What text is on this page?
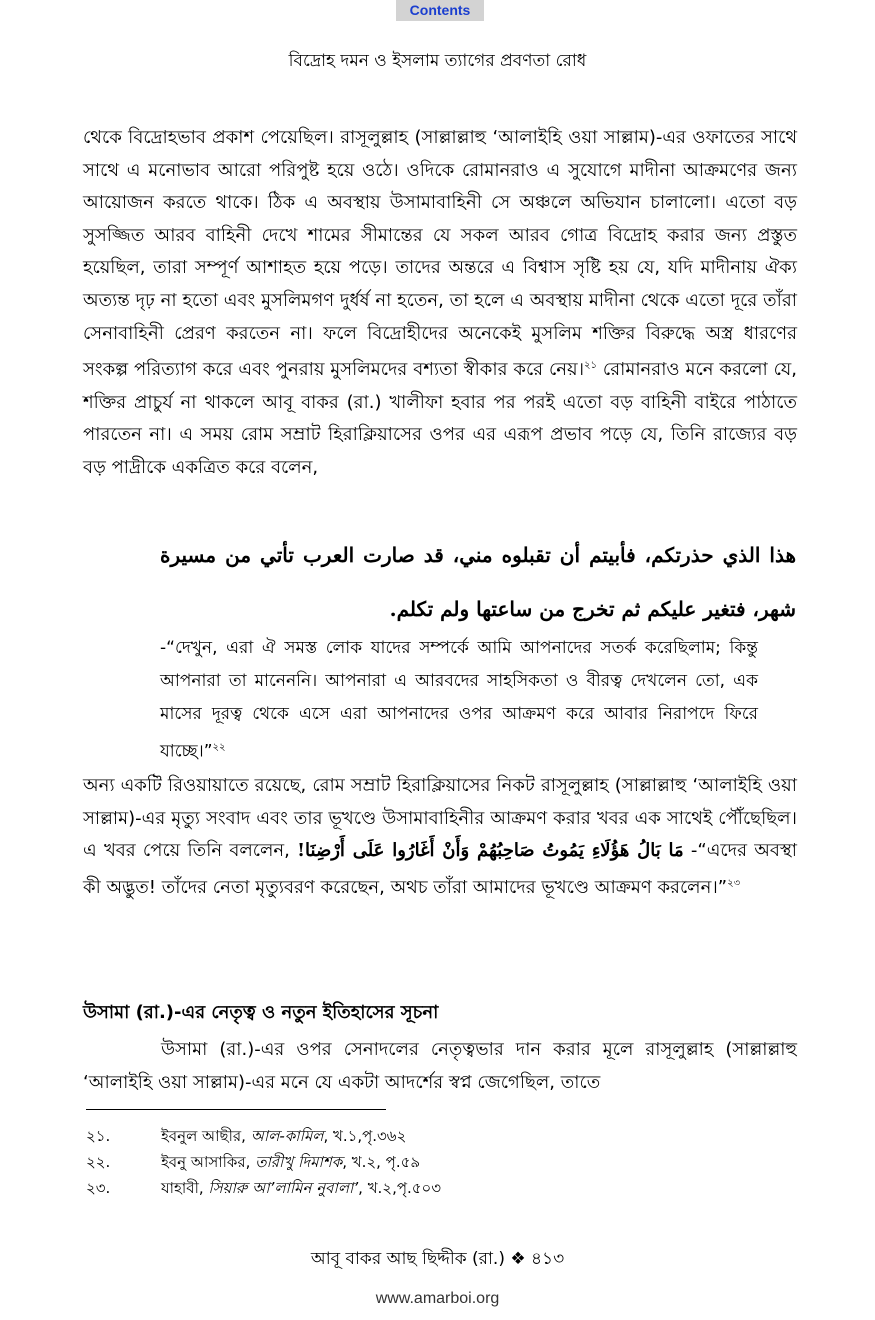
Contents
বিদ্রোহ দমন ও ইসলাম ত্যাগের প্রবণতা রোধ

থেকে বিদ্রোহভাব প্রকাশ পেয়েছিল। রাসূলুল্লাহ (সাল্লাল্লাহু ‘আলাইহি ওয়া সাল্লাম)-এর ওফাতের সাথে সাথে এ মনোভাব আরো পরিপুষ্ট হয়ে ওঠে। ওদিকে রোমানরাও এ সুযোগে মাদীনা আক্রমণের জন্য আয়োজন করতে থাকে। ঠিক এ অবস্থায় উসামাবাহিনী সে অঞ্চলে অভিযান চালালো। এতো বড় সুসজ্জিত আরব বাহিনী দেখে শামের সীমান্তের যে সকল আরব গোত্র বিদ্রোহ করার জন্য প্রস্তুত হয়েছিল, তারা সম্পূর্ণ আশাহত হয়ে পড়ে। তাদের অন্তরে এ বিশ্বাস সৃষ্টি হয় যে, যদি মাদীনায় ঐক্য অত্যন্ত দৃঢ় না হতো এবং মুসলিমগণ দুর্ধর্ষ না হতেন, তা হলে এ অবস্থায় মাদীনা থেকে এতো দূরে তাঁরা সেনাবাহিনী প্রেরণ করতেন না। ফলে বিদ্রোহীদের অনেকেই মুসলিম শক্তির বিরুদ্ধে অস্ত্র ধারণের সংকল্প পরিত্যাগ করে এবং পুনরায় মুসলিমদের বশ্যতা স্বীকার করে নেয়।$^{২১}$ রোমানরাও মনে করলো যে, শক্তির প্রাচুর্য না থাকলে আবূ বাকর (রা.) খালীফা হবার পর পরই এতো বড় বাহিনী বাইরে পাঠাতে পারতেন না। এ সময় রোম সম্রাট হিরাক্লিয়াসের ওপর এর এরূপ প্রভাব পড়ে যে, তিনি রাজ্যের বড় বড় পাদ্রীকে একত্রিত করে বলেন,

هذا الذي حذرتكم، فأبيتم أن تقبلوه مني، قد صارت العرب تأتي من مسيرة شهر، فتغير عليكم ثم تخرج من ساعتها ولم تكلم.

-“দেখুন, এরা ঐ সমস্ত লোক যাদের সম্পর্কে আমি আপনাদের সতর্ক করেছিলাম; কিন্তু আপনারা তা মানেননি। আপনারা এ আরবদের সাহসিকতা ও বীরত্ব দেখলেন তো, এক মাসের দূরত্ব থেকে এসে এরা আপনাদের ওপর আক্রমণ করে আবার নিরাপদে ফিরে যাচ্ছে।”$^{২২}$

অন্য একটি রিওয়ায়াতে রয়েছে, রোম সম্রাট হিরাক্লিয়াসের নিকট রাসূলুল্লাহ (সাল্লাল্লাহু ‘আলাইহি ওয়া সাল্লাম)-এর মৃত্যু সংবাদ এবং তার ভূখণ্ডে উসামাবাহিনীর আক্রমণ করার খবর এক সাথেই পৌঁছেছিল। এ খবর পেয়ে তিনি বললেন, مَا بَالُ هَؤُلَاءِ يَمُوتُ صَاحِبُهُمْ وَأَنْ أَغَارُوا عَلَى أَرْضِنَا! -“এদের অবস্থা কী অদ্ভুত! তাঁদের নেতা মৃত্যুবরণ করেছেন, অথচ তাঁরা আমাদের ভূখণ্ডে আক্রমণ করলেন।”$^{২৩}$

উসামা (রা.)-এর নেতৃত্ব ও নতুন ইতিহাসের সূচনা

উসামা (রা.)-এর ওপর সেনাদলের নেতৃত্বভার দান করার মূলে রাসূলুল্লাহ (সাল্লাল্লাহু ‘আলাইহি ওয়া সাল্লাম)-এর মনে যে একটা আদর্শের স্বপ্ন জেগেছিল, তাতে

২১.	ইবনুল আছীর, আল-কামিল, খ.১,পৃ.৩৬২
২২.	ইবনু আসাকির, তারীখু দিমাশক, খ.২, পৃ.৫৯
২৩.	যাহাবী, সিয়ারু আ’লামিন নুবালা’, খ.২,পৃ.৫০৩
আবূ বাকর আছ ছিদ্দীক (রা.) ❖ ৪১৩
www.amarboi.org
